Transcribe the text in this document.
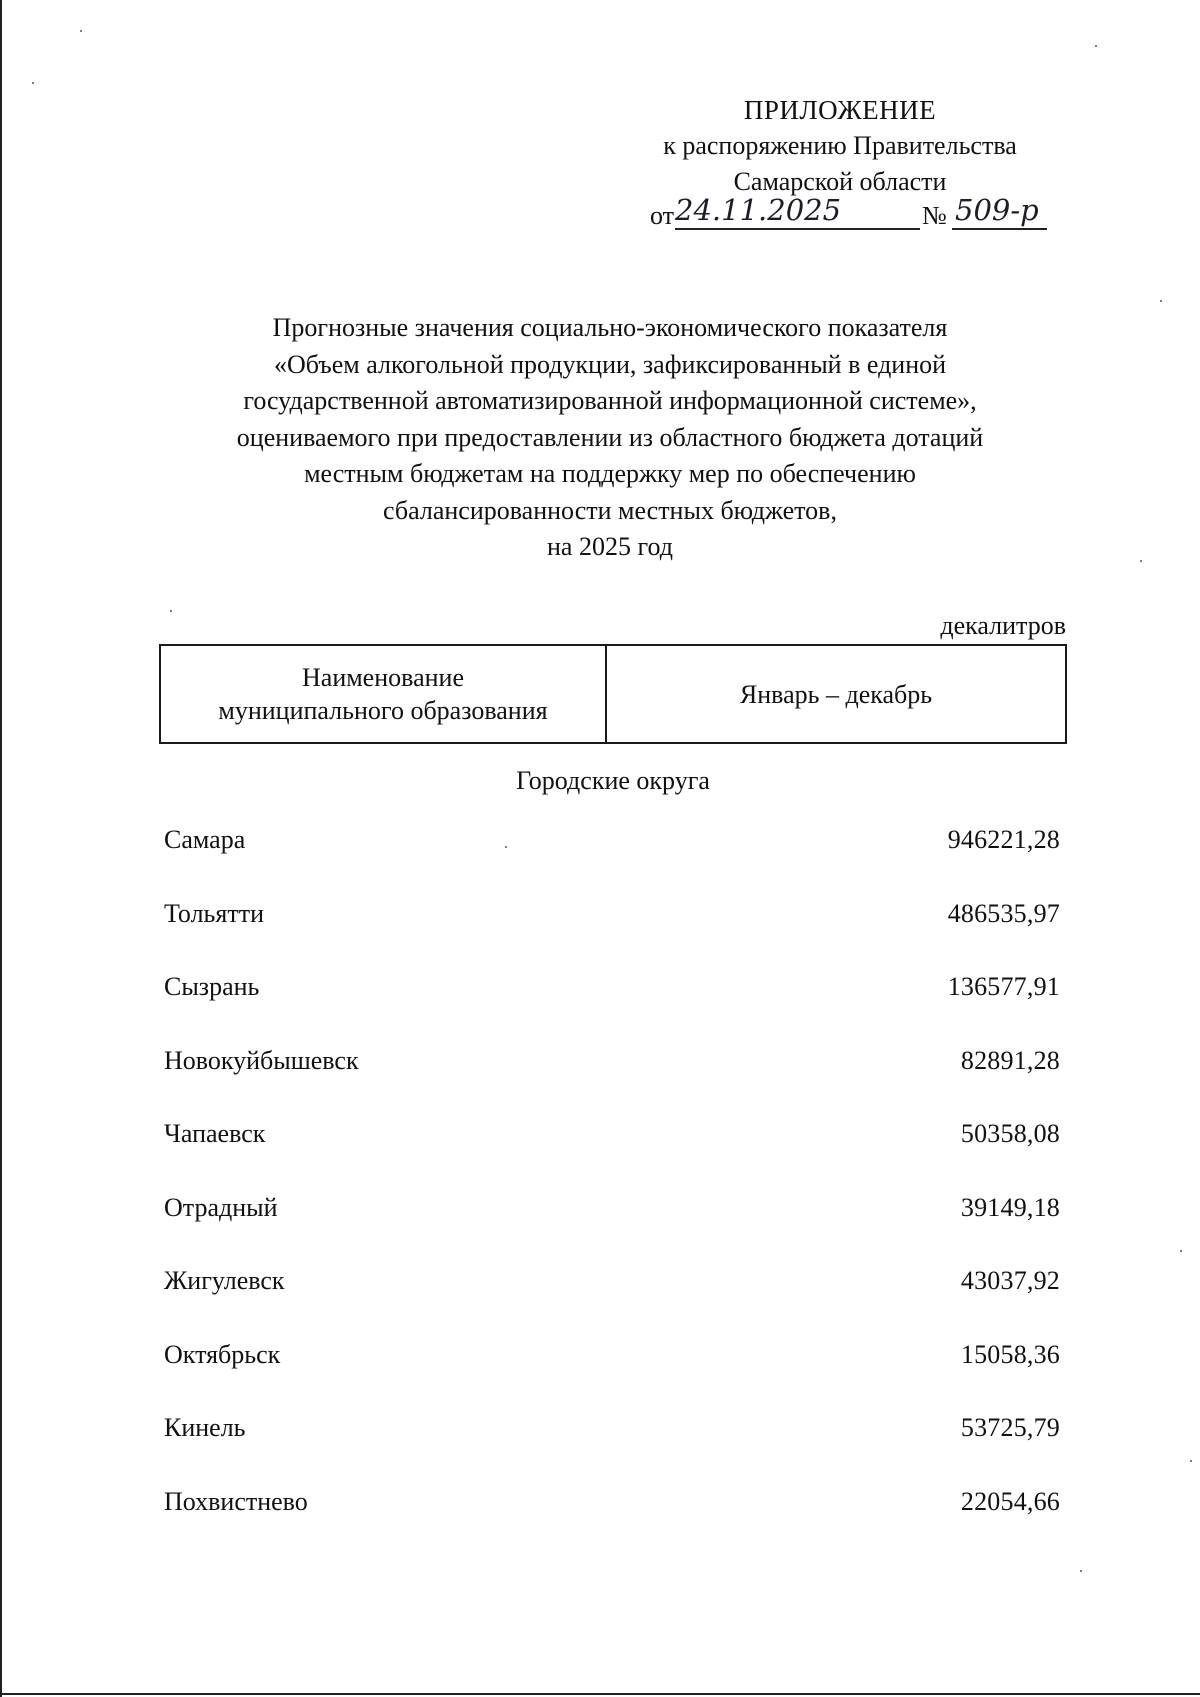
ПРИЛОЖЕНИЕ
к распоряжению Правительства
Самарской области
от 24.11.2025	№ 509-р
Прогнозные значения социально-экономического показателя
«Объем алкогольной продукции, зафиксированный в единой
государственной автоматизированной информационной системе»,
оцениваемого при предоставлении из областного бюджета дотаций
местным бюджетам на поддержку мер по обеспечению
сбалансированности местных бюджетов,
на 2025 год
декалитров
Наименование
муниципального образования
	Январь – декабрь
Городские округа
Самара	946221,28
Тольятти	486535,97
Сызрань	136577,91
Новокуйбышевск	82891,28
Чапаевск	50358,08
Отрадный	39149,18
Жигулевск	43037,92
Октябрьск	15058,36
Кинель	53725,79
Похвистнево	22054,66
